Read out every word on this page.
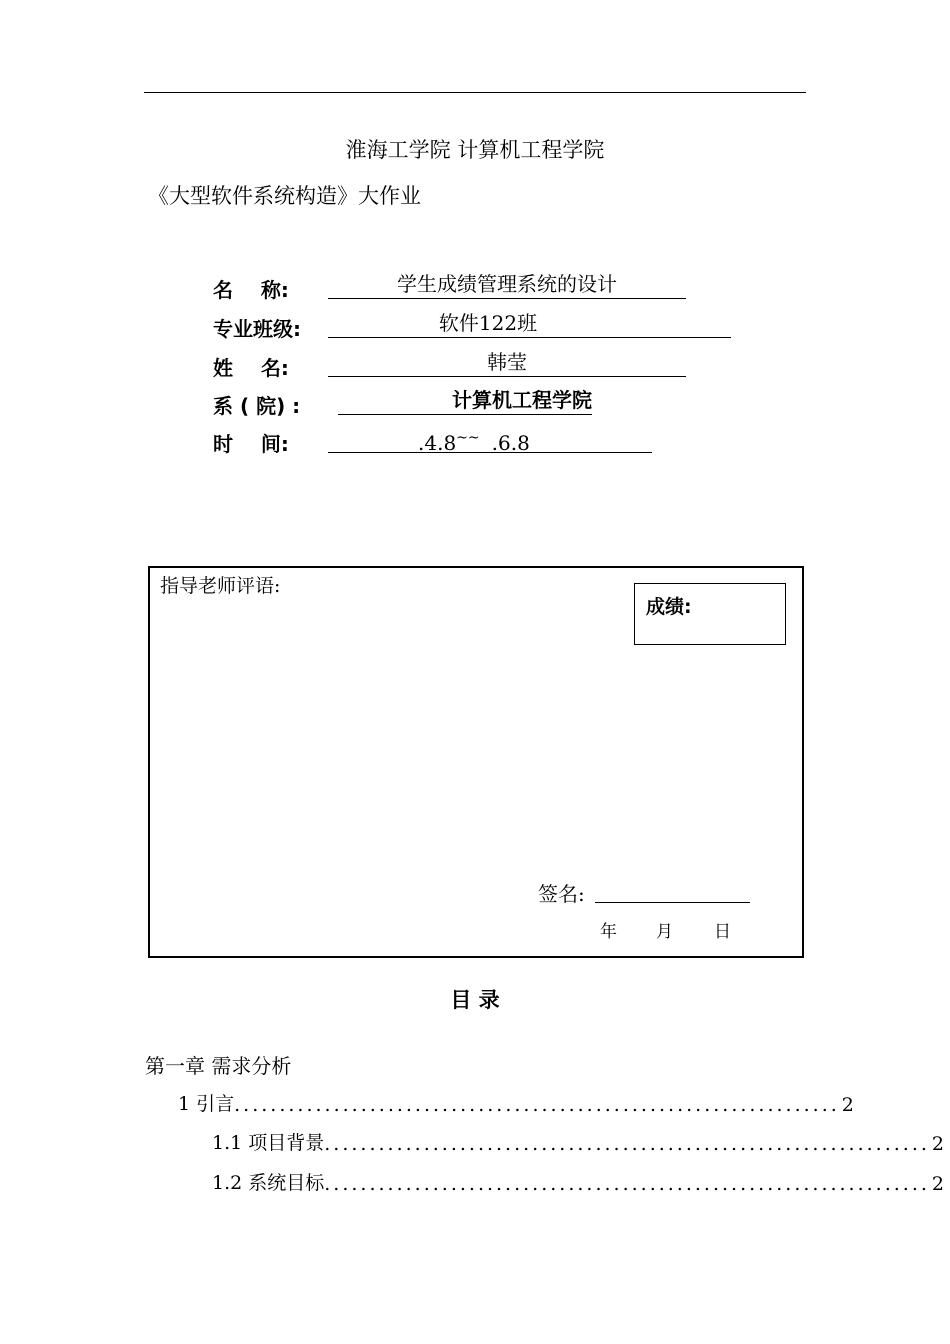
淮海工学院 计算机工程学院
《大型软件系统构造》大作业
名    称:	学生成绩管理系统的设计
专业班级:	软件122班
姓    名:	韩莹
系 ( 院) :	计算机工程学院
时    间:	.4.8~~ .6.8
指导老师评语:
成绩:
签名:
年 月 日
目 录
第一章 需求分析
1 引言 ................................................................... 2
1.1 项目背景 ................................................................... 2
1.2 系统目标 ................................................................... 2
